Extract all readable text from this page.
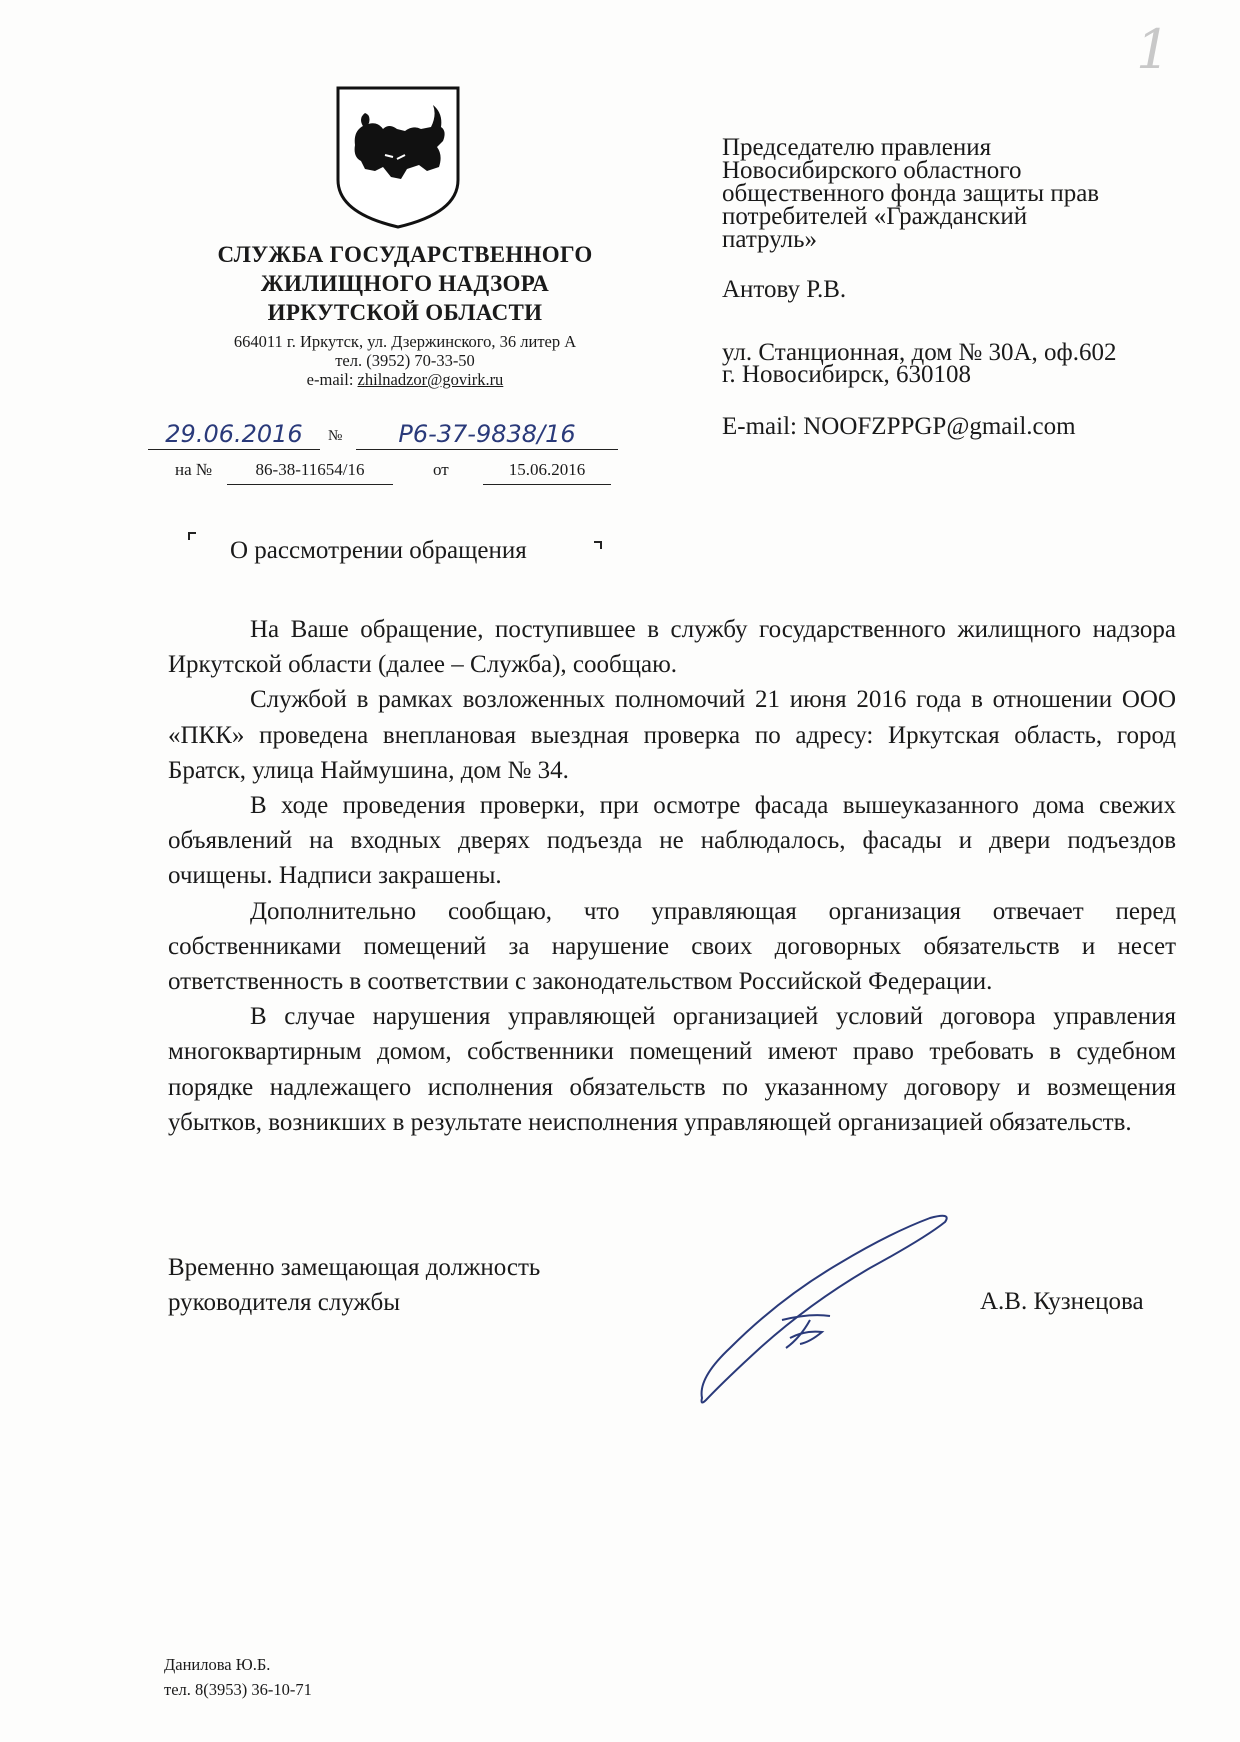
1
СЛУЖБА ГОСУДАРСТВЕННОГО
ЖИЛИЩНОГО НАДЗОРА
ИРКУТСКОЙ ОБЛАСТИ
664011 г. Иркутск, ул. Дзержинского, 36 литер А
тел. (3952) 70-33-50
e-mail: zhilnadzor@govirk.ru
29.06.2016	№	Р6-37-9838/16
на №	86-38-11654/16	от	15.06.2016
Председателю правления
Новосибирского областного
общественного фонда защиты прав
потребителей «Гражданский
патруль»
Антову Р.В.
ул. Станционная, дом № 30А, оф.602
г. Новосибирск, 630108
E-mail: NOOFZPPGP@gmail.com
О рассмотрении обращения

На Ваше обращение, поступившее в службу государственного жилищного надзора Иркутской области (далее – Служба), сообщаю.

Службой в рамках возложенных полномочий 21 июня 2016 года в отношении ООО «ПКК» проведена внеплановая выездная проверка по адресу: Иркутская область, город Братск, улица Наймушина, дом № 34.

В ходе проведения проверки, при осмотре фасада вышеуказанного дома свежих объявлений на входных дверях подъезда не наблюдалось, фасады и двери подъездов очищены. Надписи закрашены.

Дополнительно сообщаю, что управляющая организация отвечает перед собственниками помещений за нарушение своих договорных обязательств и несет ответственность в соответствии с законодательством Российской Федерации.

В случае нарушения управляющей организацией условий договора управления многоквартирным домом, собственники помещений имеют право требовать в судебном порядке надлежащего исполнения обязательств по указанному договору и возмещения убытков, возникших в результате неисполнения управляющей организацией обязательств.

Временно замещающая должность
руководителя службы	А.В. Кузнецова
Данилова Ю.Б.
тел. 8(3953) 36-10-71
